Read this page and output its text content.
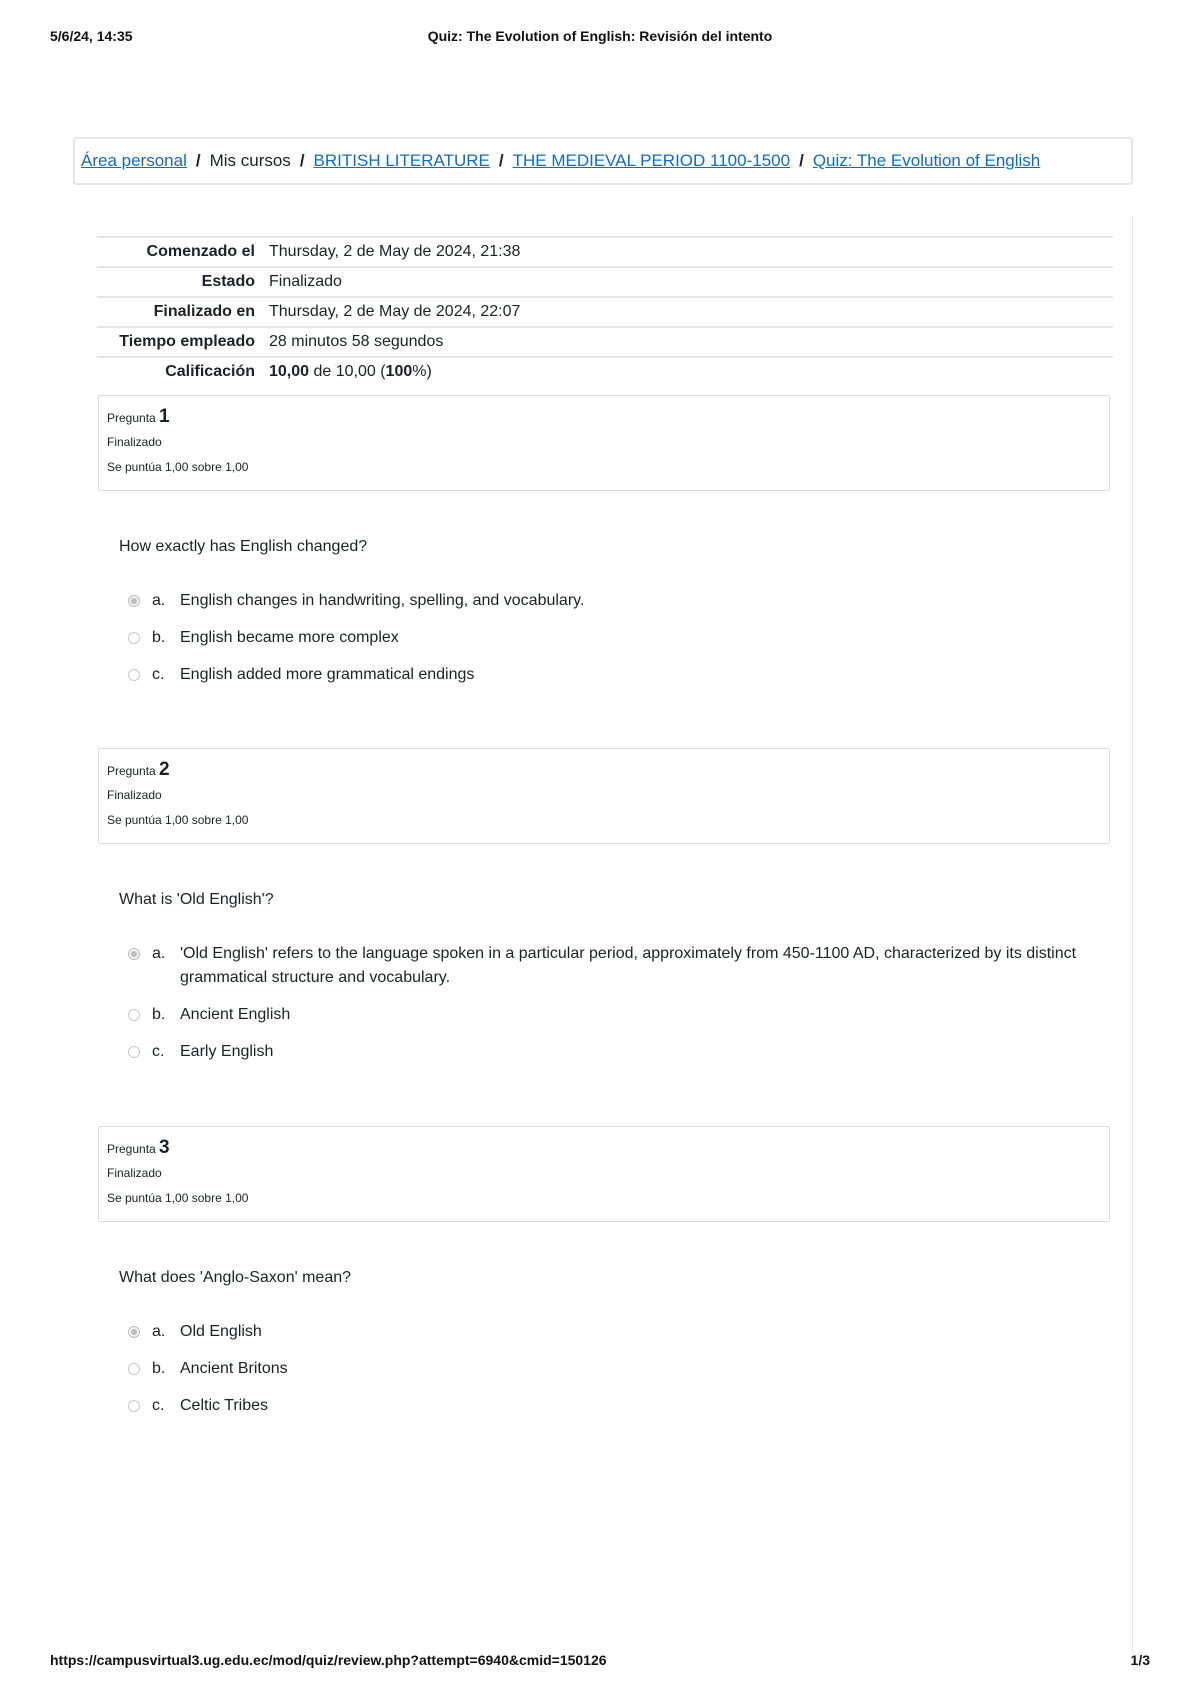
5/6/24, 14:35	Quiz: The Evolution of English: Revisión del intento
Área personal / Mis cursos / BRITISH LITERATURE / THE MEDIEVAL PERIOD 1100-1500 / Quiz: The Evolution of English
Comenzado el	Thursday, 2 de May de 2024, 21:38
Estado	Finalizado
Finalizado en	Thursday, 2 de May de 2024, 22:07
Tiempo empleado	28 minutos 58 segundos
Calificación	10,00 de 10,00 (100%)
Pregunta 1
Finalizado
Se puntúa 1,00 sobre 1,00
How exactly has English changed?
a. English changes in handwriting, spelling, and vocabulary.
b. English became more complex
c. English added more grammatical endings
Pregunta 2
Finalizado
Se puntúa 1,00 sobre 1,00
What is 'Old English'?
a. 'Old English' refers to the language spoken in a particular period, approximately from 450-1100 AD, characterized by its distinct grammatical structure and vocabulary.
b. Ancient English
c. Early English
Pregunta 3
Finalizado
Se puntúa 1,00 sobre 1,00
What does 'Anglo-Saxon' mean?
a. Old English
b. Ancient Britons
c. Celtic Tribes
https://campusvirtual3.ug.edu.ec/mod/quiz/review.php?attempt=6940&cmid=150126	1/3
